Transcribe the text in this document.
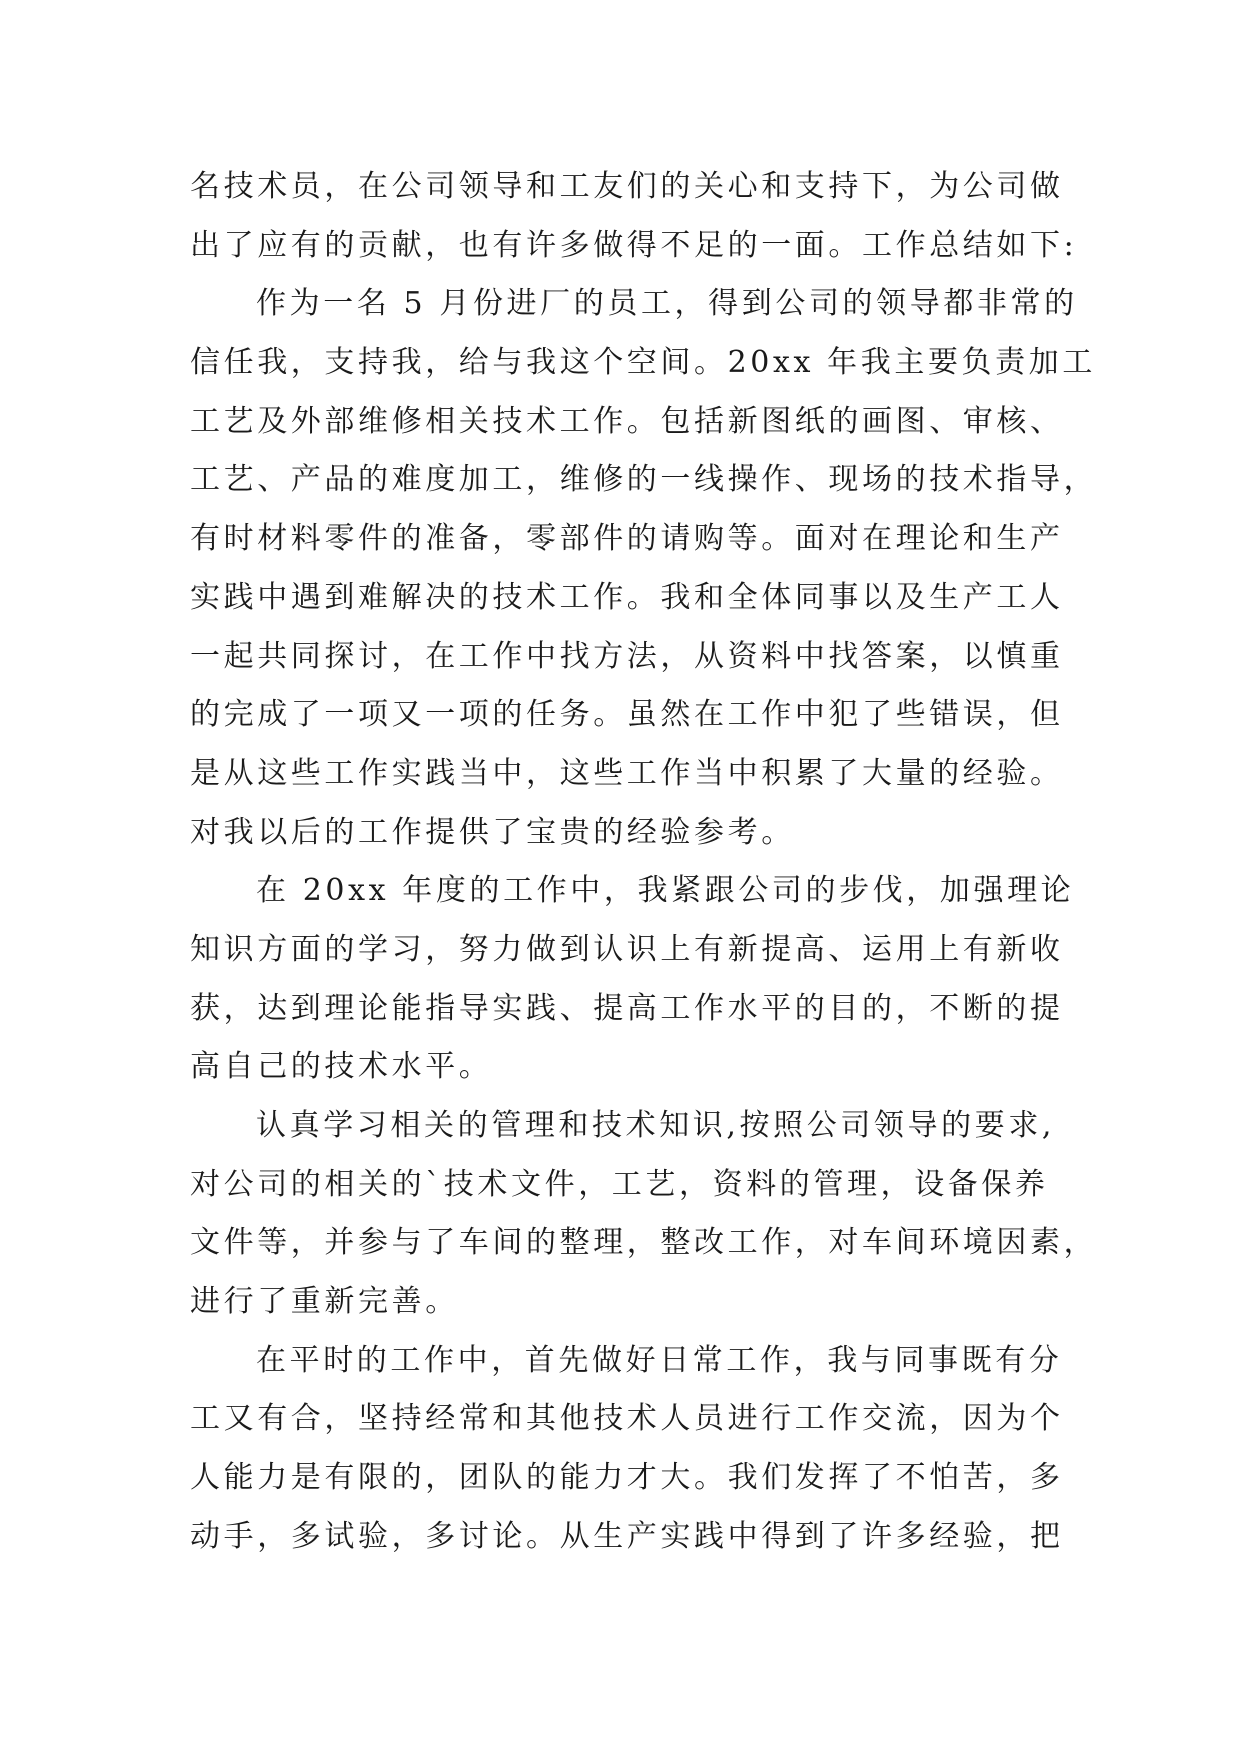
名技术员，在公司领导和工友们的关心和支持下，为公司做
出了应有的贡献，也有许多做得不足的一面。工作总结如下:
作为一名 5 月份进厂的员工，得到公司的领导都非常的
信任我，支持我，给与我这个空间。20xx 年我主要负责加工
工艺及外部维修相关技术工作。包括新图纸的画图、审核、
工艺、产品的难度加工，维修的一线操作、现场的技术指导，
有时材料零件的准备，零部件的请购等。面对在理论和生产
实践中遇到难解决的技术工作。我和全体同事以及生产工人
一起共同探讨，在工作中找方法，从资料中找答案，以慎重
的完成了一项又一项的任务。虽然在工作中犯了些错误，但
是从这些工作实践当中，这些工作当中积累了大量的经验。
对我以后的工作提供了宝贵的经验参考。
在 20xx 年度的工作中，我紧跟公司的步伐，加强理论
知识方面的学习，努力做到认识上有新提高、运用上有新收
获，达到理论能指导实践、提高工作水平的目的，不断的提
高自己的技术水平。
认真学习相关的管理和技术知识,按照公司领导的要求,
对公司的相关的`技术文件，工艺，资料的管理，设备保养
文件等，并参与了车间的整理，整改工作，对车间环境因素，
进行了重新完善。
在平时的工作中，首先做好日常工作，我与同事既有分
工又有合，坚持经常和其他技术人员进行工作交流，因为个
人能力是有限的，团队的能力才大。我们发挥了不怕苦，多
动手，多试验，多讨论。从生产实践中得到了许多经验，把
